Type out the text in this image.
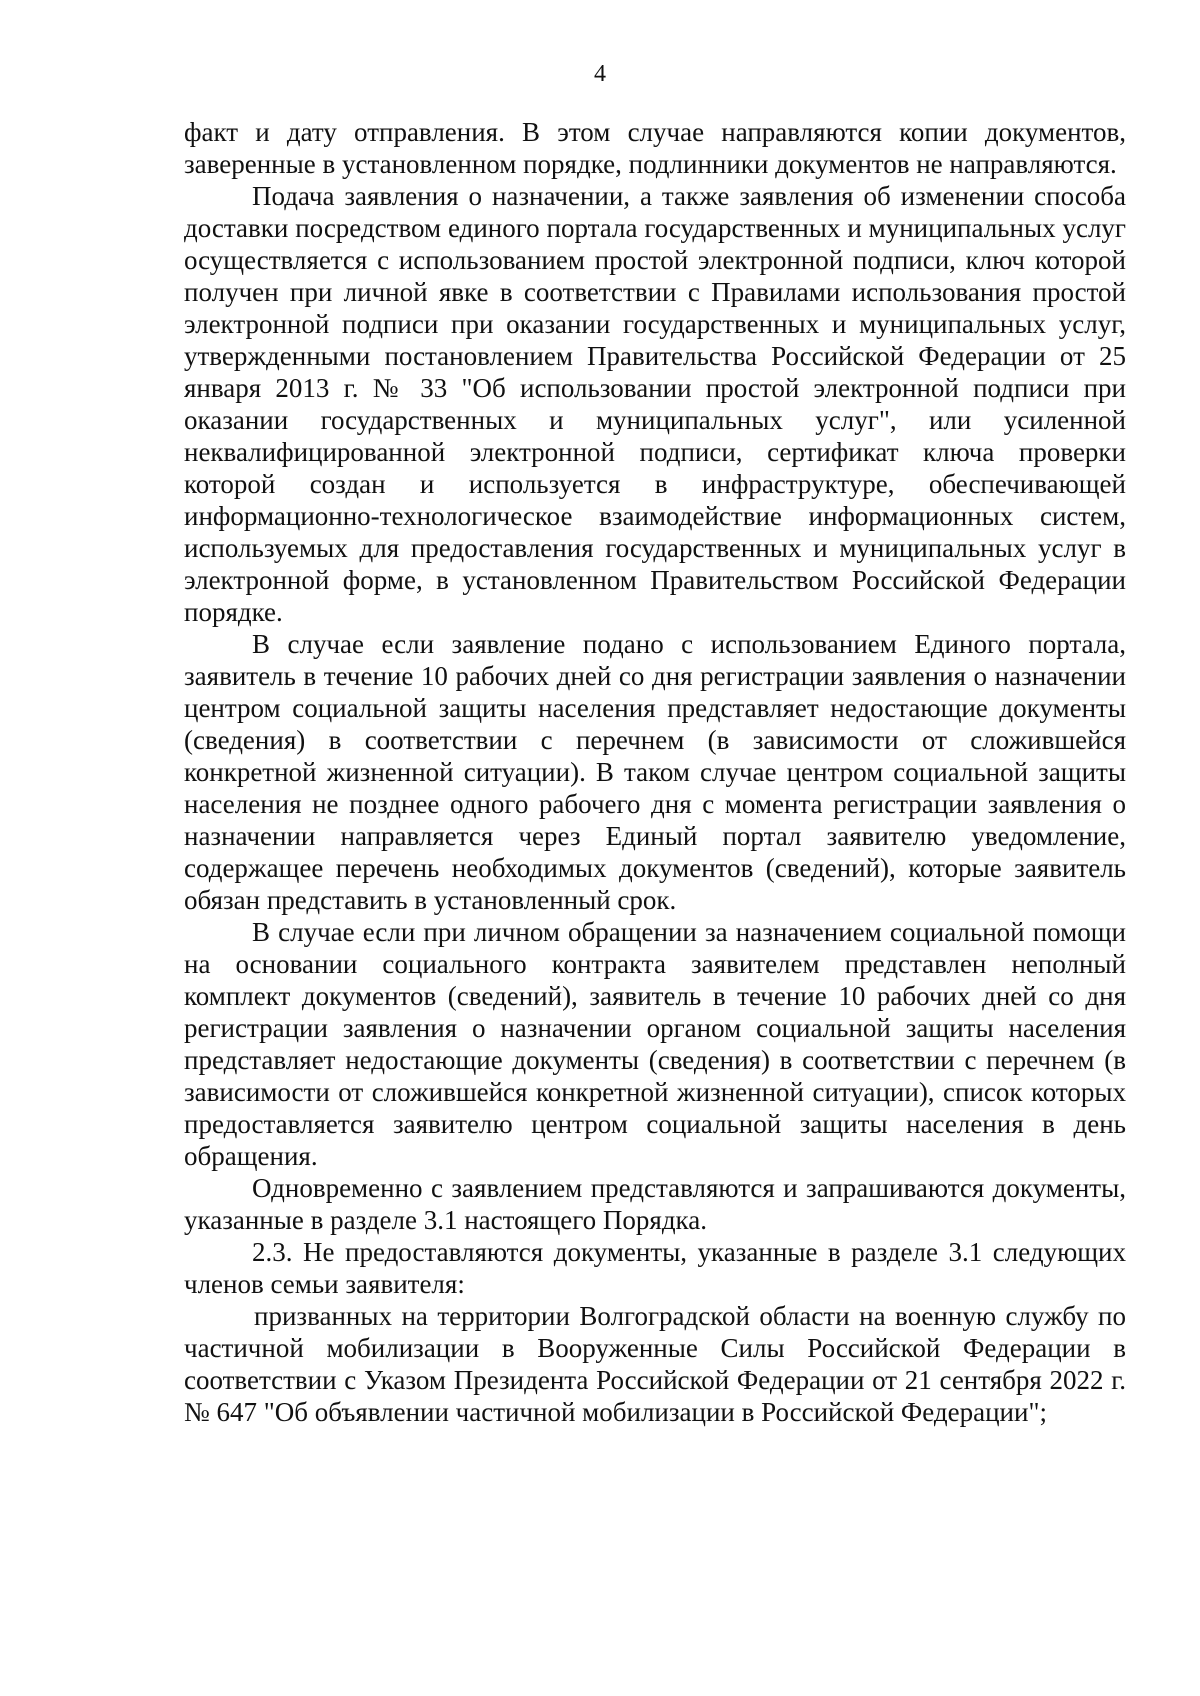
4

факт и дату отправления. В этом случае направляются копии документов, заверенные в установленном порядке, подлинники документов не направляются.

Подача заявления о назначении, а также заявления об изменении способа доставки посредством единого портала государственных и муниципальных услуг осуществляется с использованием простой электронной подписи, ключ которой получен при личной явке в соответствии с Правилами использования простой электронной подписи при оказании государственных и муниципальных услуг, утвержденными постановлением Правительства Российской Федерации от 25 января 2013 г. № 33 "Об использовании простой электронной подписи при оказании государственных и муниципальных услуг", или усиленной неквалифицированной электронной подписи, сертификат ключа проверки которой создан и используется в инфраструктуре, обеспечивающей информационно-технологическое взаимодействие информационных систем, используемых для предоставления государственных и муниципальных услуг в электронной форме, в установленном Правительством Российской Федерации порядке.

В случае если заявление подано с использованием Единого портала, заявитель в течение 10 рабочих дней со дня регистрации заявления о назначении центром социальной защиты населения представляет недостающие документы (сведения) в соответствии с перечнем (в зависимости от сложившейся конкретной жизненной ситуации). В таком случае центром социальной защиты населения не позднее одного рабочего дня с момента регистрации заявления о назначении направляется через Единый портал заявителю уведомление, содержащее перечень необходимых документов (сведений), которые заявитель обязан представить в установленный срок.

В случае если при личном обращении за назначением социальной помощи на основании социального контракта заявителем представлен неполный комплект документов (сведений), заявитель в течение 10 рабочих дней со дня регистрации заявления о назначении органом социальной защиты населения представляет недостающие документы (сведения) в соответствии с перечнем (в зависимости от сложившейся конкретной жизненной ситуации), список которых предоставляется заявителю центром социальной защиты населения в день обращения.

Одновременно с заявлением представляются и запрашиваются документы, указанные в разделе 3.1 настоящего Порядка.

2.3. Не предоставляются документы, указанные в разделе 3.1 следующих членов семьи заявителя:

призванных на территории Волгоградской области на военную службу по частичной мобилизации в Вооруженные Силы Российской Федерации в соответствии с Указом Президента Российской Федерации от 21 сентября 2022 г. № 647 "Об объявлении частичной мобилизации в Российской Федерации";
